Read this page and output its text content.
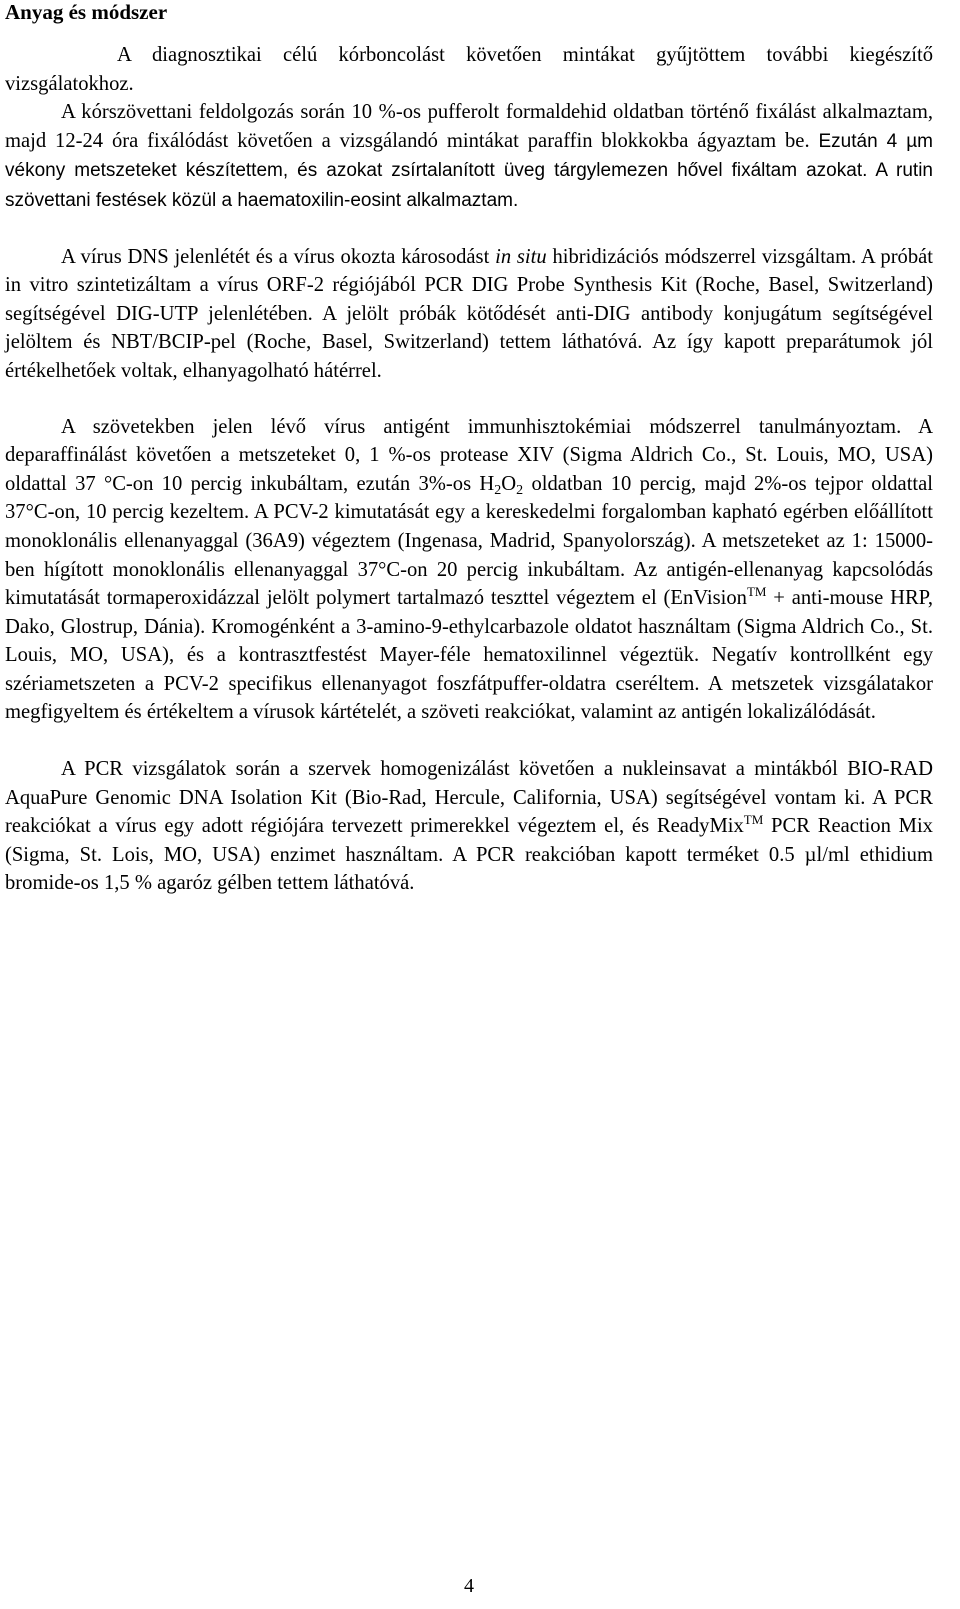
Anyag és módszer

A diagnosztikai célú kórboncolást követően mintákat gyűjtöttem további kiegészítő vizsgálatokhoz.
A kórszövettani feldolgozás során 10 %-os pufferolt formaldehid oldatban történő fixálást alkalmaztam, majd 12-24 óra fixálódást követően a vizsgálandó mintákat paraffin blokkokba ágyaztam be. Ezután 4 µm vékony metszeteket készítettem, és azokat zsírtalanított üveg tárgylemezen hővel fixáltam azokat. A rutin szövettani festések közül a haematoxilin-eosint alkalmaztam.

A vírus DNS jelenlétét és a vírus okozta károsodást in situ hibridizációs módszerrel vizsgáltam. A próbát in vitro szintetizáltam a vírus ORF-2 régiójából PCR DIG Probe Synthesis Kit (Roche, Basel, Switzerland) segítségével DIG-UTP jelenlétében. A jelölt próbák kötődését anti-DIG antibody konjugátum segítségével jelöltem és NBT/BCIP-pel (Roche, Basel, Switzerland) tettem láthatóvá. Az így kapott preparátumok jól értékelhetőek voltak, elhanyagolható hátérrel.

A szövetekben jelen lévő vírus antigént immunhisztokémiai módszerrel tanulmányoztam. A deparaffinálást követően a metszeteket 0, 1 %-os protease XIV (Sigma Aldrich Co., St. Louis, MO, USA) oldattal 37 °C-on 10 percig inkubáltam, ezután 3%-os $H_2O_2$ oldatban 10 percig, majd 2%-os tejpor oldattal 37°C-on, 10 percig kezeltem. A PCV-2 kimutatását egy a kereskedelmi forgalomban kapható egérben előállított monoklonális ellenanyaggal (36A9) végeztem (Ingenasa, Madrid, Spanyolország). A metszeteket az 1: 15000-ben hígított monoklonális ellenanyaggal 37°C-on 20 percig inkubáltam. Az antigén-ellenanyag kapcsolódás kimutatását tormaperoxidázzal jelölt polymert tartalmazó teszttel végeztem el (EnVision™ + anti-mouse HRP, Dako, Glostrup, Dánia). Kromogénként a 3-amino-9-ethylcarbazole oldatot használtam (Sigma Aldrich Co., St. Louis, MO, USA), és a kontrasztfestést Mayer-féle hematoxilinnel végeztük. Negatív kontrollként egy szériametszeten a PCV-2 specifikus ellenanyagot foszfátpuffer-oldatra cseréltem. A metszetek vizsgálatakor megfigyeltem és értékeltem a vírusok kártételét, a szöveti reakciókat, valamint az antigén lokalizálódását.

A PCR vizsgálatok során a szervek homogenizálást követően a nukleinsavat a mintákból BIO-RAD AquaPure Genomic DNA Isolation Kit (Bio-Rad, Hercule, California, USA) segítségével vontam ki. A PCR reakciókat a vírus egy adott régiójára tervezett primerekkel végeztem el, és ReadyMix™ PCR Reaction Mix (Sigma, St. Lois, MO, USA) enzimet használtam. A PCR reakcióban kapott terméket 0.5 µl/ml ethidium bromide-os 1,5 % agaróz gélben tettem láthatóvá.

4
